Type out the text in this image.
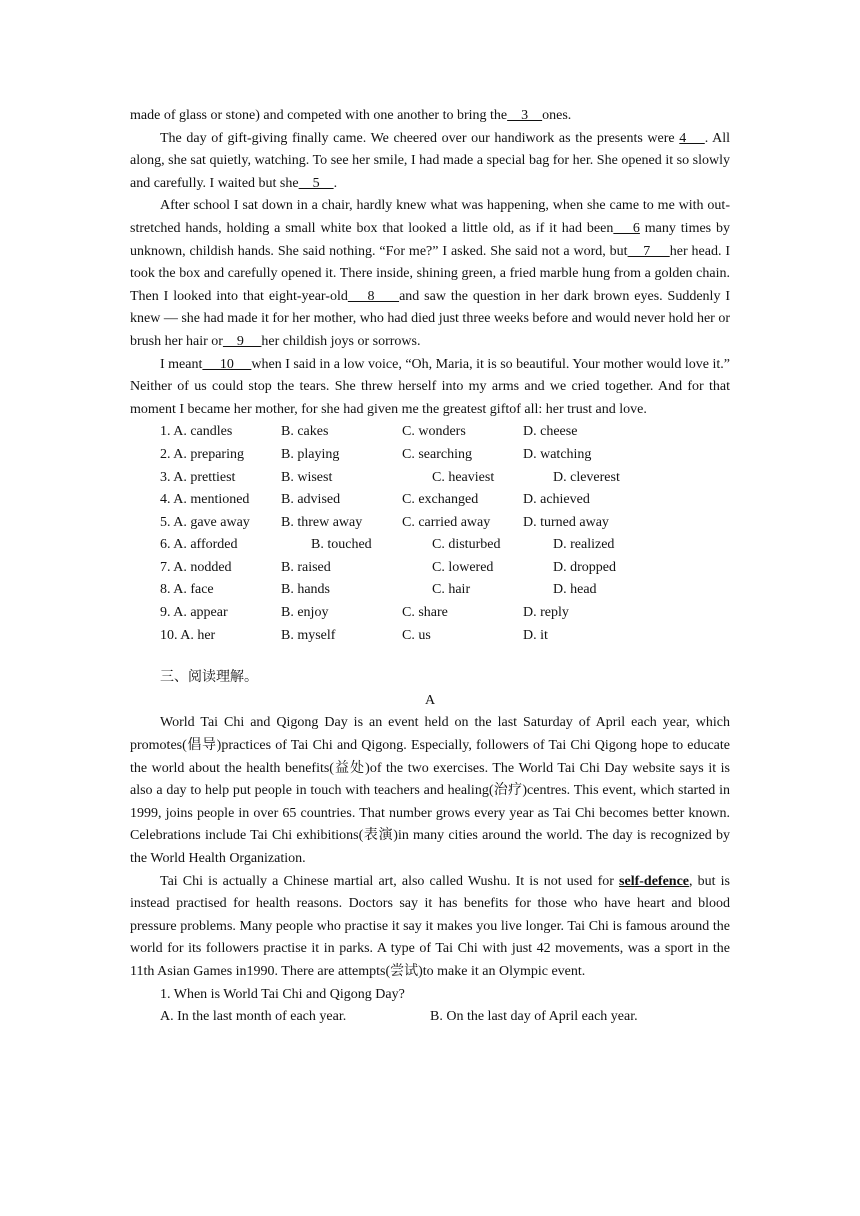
made of glass or stone) and competed with one another to bring the    3    ones.

The day of gift-giving finally came. We cheered over our handiwork as the presents were 4    . All along, she sat quietly, watching. To see her smile, I had made a special bag for her. She opened it so slowly and carefully. I waited but she    5    .

After school I sat down in a chair, hardly knew what was happening, when she came to me with out-stretched hands, holding a small white box that looked a little old, as if it had been    6 many times by unknown, childish hands. She said nothing. “For me?” I asked. She said not a word, but    7     her head. I took the box and carefully opened it. There inside, shining green, a fried marble hung from a golden chain. Then I looked into that eight-year-old    8     and saw the question in her dark brown eyes. Suddenly I knew — she had made it for her mother, who had died just three weeks before and would never hold her or brush her hair or    9     her childish joys or sorrows.

I meant     10     when I said in a low voice, “Oh, Maria, it is so beautiful. Your mother would love it.” Neither of us could stop the tears. She threw herself into my arms and we cried together. And for that moment I became her mother, for she had given me the greatest giftof all: her trust and love.

1. A. candles	B. cakes	C. wonders	D. cheese
2. A. preparing	B. playing	C. searching	D. watching
3. A. prettiest	B. wisest	C. heaviest	D. cleverest
4. A. mentioned	B. advised	C. exchanged	D. achieved
5. A. gave away	B. threw away	C. carried away	D. turned away
6. A. afforded	B. touched	C. disturbed	D. realized
7. A. nodded	B. raised	C. lowered	D. dropped
8. A. face	B. hands	C. hair	D. head
9. A. appear	B. enjoy	C. share	D. reply
10. A. her	B. myself	C. us	D. it

三、阅读理解。

A

World Tai Chi and Qigong Day is an event held on the last Saturday of April each year, which promotes(倡导)practices of Tai Chi and Qigong. Especially, followers of Tai Chi Qigong hope to educate the world about the health benefits(益处)of the two exercises. The World Tai Chi Day website says it is also a day to help put people in touch with teachers and healing(治疗)centres. This event, which started in 1999, joins people in over 65 countries. That number grows every year as Tai Chi becomes better known. Celebrations include Tai Chi exhibitions(表演)in many cities around the world. The day is recognized by the World Health Organization.

Tai Chi is actually a Chinese martial art, also called Wushu. It is not used for self-defence, but is instead practised for health reasons. Doctors say it has benefits for those who have heart and blood pressure problems. Many people who practise it say it makes you live longer. Tai Chi is famous around the world for its followers practise it in parks. A type of Tai Chi with just 42 movements, was a sport in the 11th Asian Games in1990. There are attempts(尝试)to make it an Olympic event.

1. When is World Tai Chi and Qigong Day?

A. In the last month of each year.	B. On the last day of April each year.
